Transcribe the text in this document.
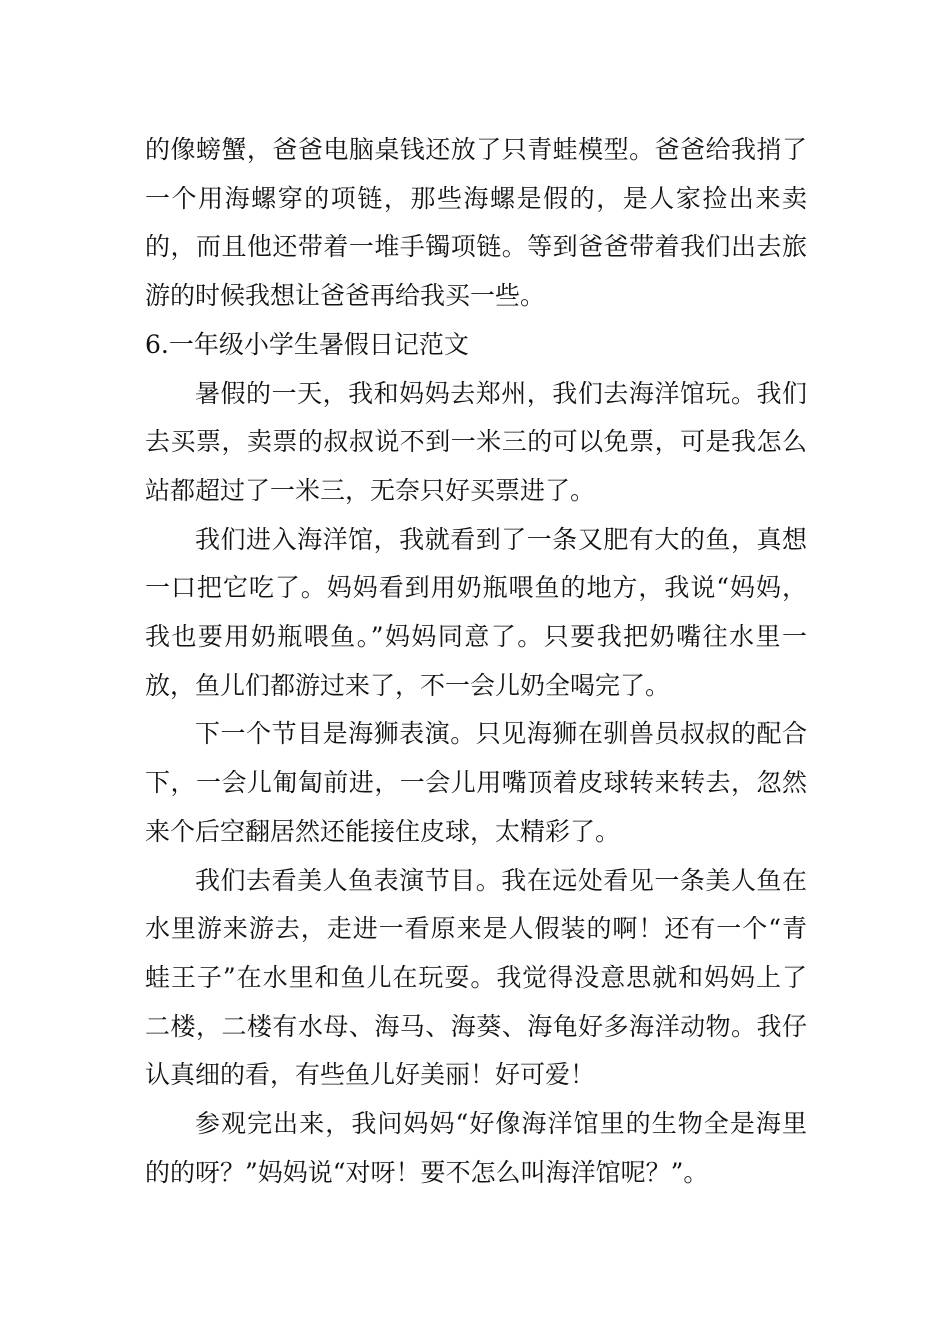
的像螃蟹，爸爸电脑桌钱还放了只青蛙模型。爸爸给我捎了一个用海螺穿的项链，那些海螺是假的，是人家捡出来卖的，而且他还带着一堆手镯项链。等到爸爸带着我们出去旅游的时候我想让爸爸再给我买一些。

6.一年级小学生暑假日记范文

暑假的一天，我和妈妈去郑州，我们去海洋馆玩。我们去买票，卖票的叔叔说不到一米三的可以免票，可是我怎么站都超过了一米三，无奈只好买票进了。

我们进入海洋馆，我就看到了一条又肥有大的鱼，真想一口把它吃了。妈妈看到用奶瓶喂鱼的地方，我说“妈妈，我也要用奶瓶喂鱼。”妈妈同意了。只要我把奶嘴往水里一放，鱼儿们都游过来了，不一会儿奶全喝完了。

下一个节目是海狮表演。只见海狮在驯兽员叔叔的配合下，一会儿匍匐前进，一会儿用嘴顶着皮球转来转去，忽然来个后空翻居然还能接住皮球，太精彩了。

我们去看美人鱼表演节目。我在远处看见一条美人鱼在水里游来游去，走进一看原来是人假装的啊！还有一个“青蛙王子”在水里和鱼儿在玩耍。我觉得没意思就和妈妈上了二楼，二楼有水母、海马、海葵、海龟好多海洋动物。我仔认真细的看，有些鱼儿好美丽！好可爱！

参观完出来，我问妈妈“好像海洋馆里的生物全是海里的的呀？”妈妈说“对呀！要不怎么叫海洋馆呢？”。
